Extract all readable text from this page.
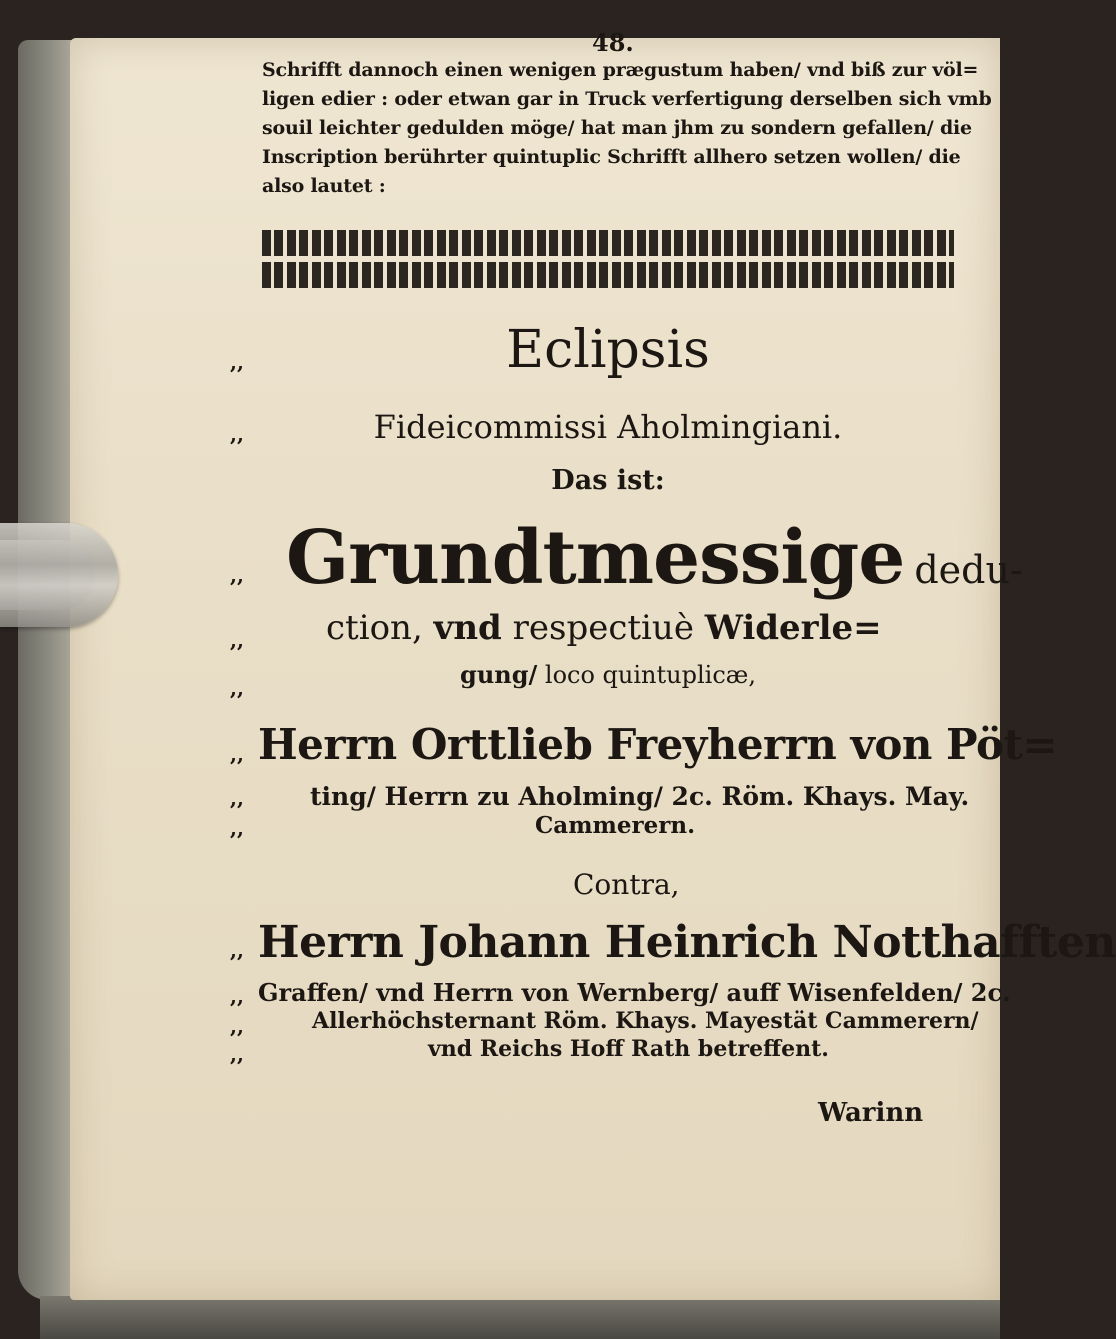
48.
Schrifft dannoch einen wenigen prægustum haben/ vnd biß zur völ=
ligen edier : oder etwan gar in Truck verfertigung derselben sich vmb
souil leichter gedulden möge/ hat man jhm zu sondern gefallen/ die
Inscription berührter quintuplic Schrifft allhero setzen wollen/ die
also lautet :
,,
,,
,,
,,
,,
,,
,,
,,
,,
,,
,,
,,
Eclipsis
Fideicommissi Aholmingiani.
Das ist:
Grundtmessige dedu-
ction, vnd respectiuè Widerle=
gung/ loco quintuplicæ,
Herrn Orttlieb Freyherrn von Pöt=
ting/ Herrn zu Aholming/ 2c. Röm. Khays. May.
Cammerern.
Contra,
Herrn Johann Heinrich Notthafften
Graffen/ vnd Herrn von Wernberg/ auff Wisenfelden/ 2c.
Allerhöchsternant Röm. Khays. Mayestät Cammerern/
vnd Reichs Hoff Rath betreffent.
Warinn
